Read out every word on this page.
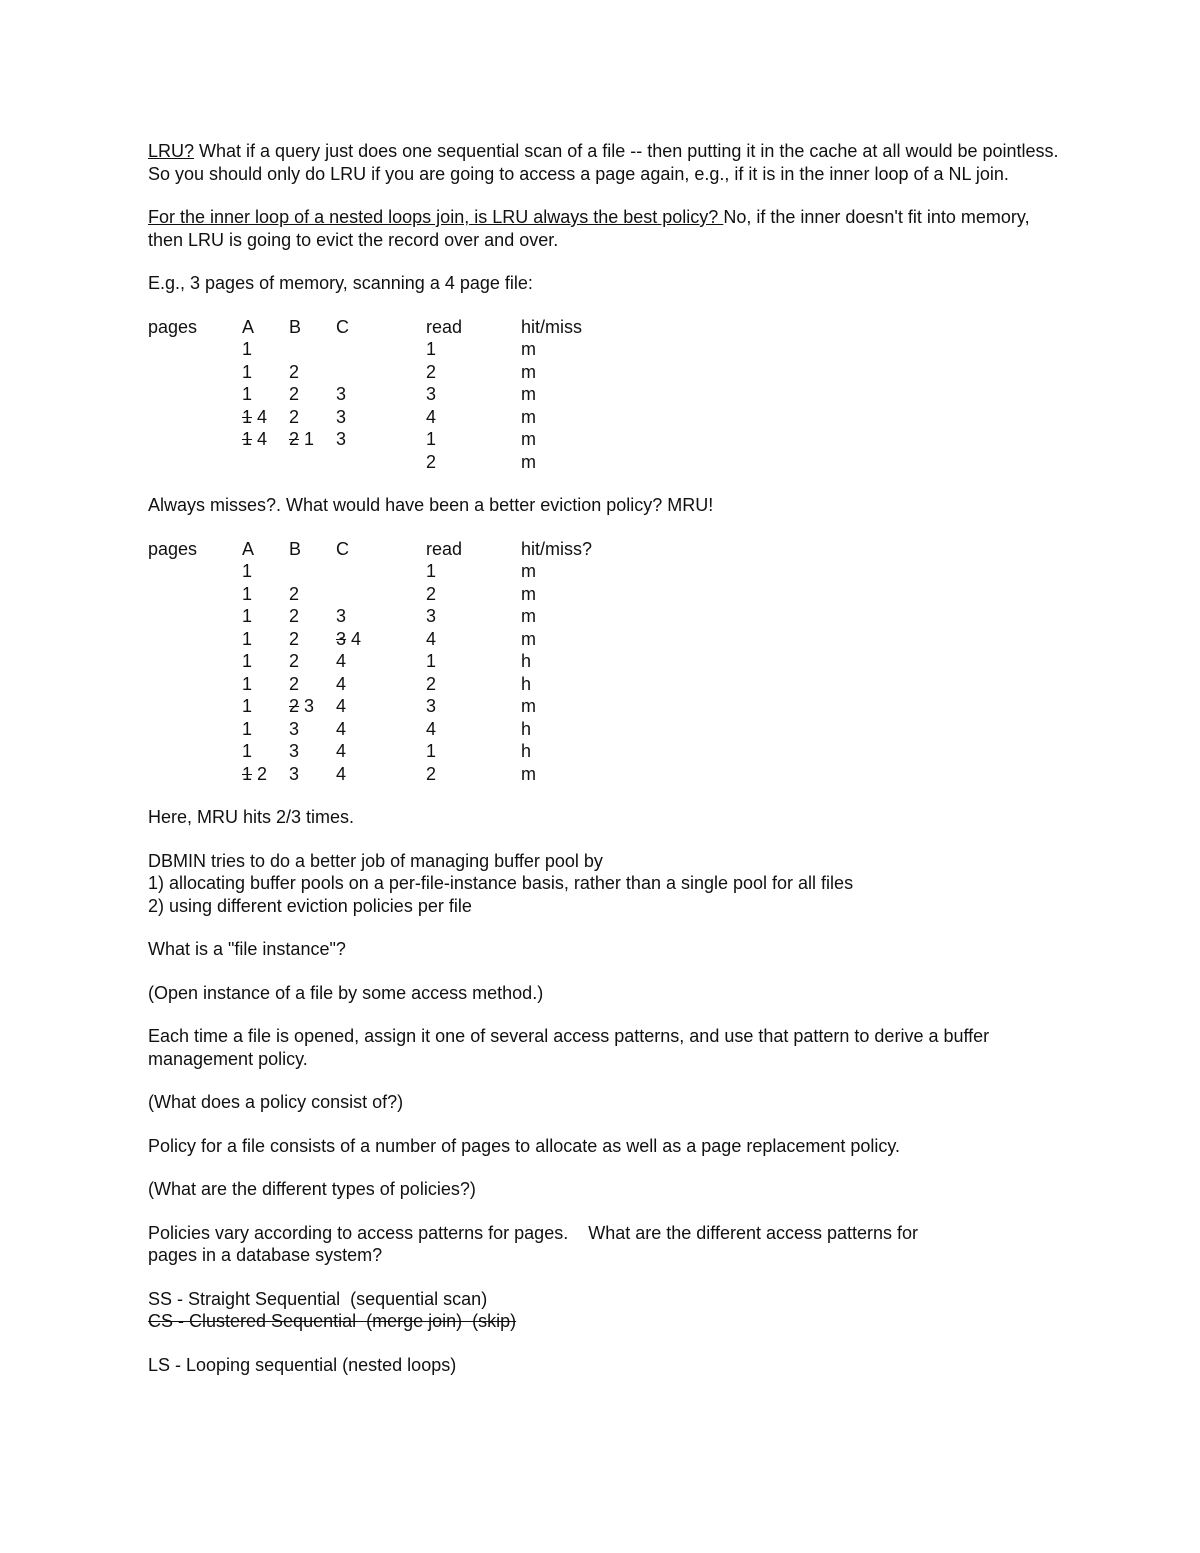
LRU? What if a query just does one sequential scan of a file -- then putting it in the cache at all would be pointless. So you should only do LRU if you are going to access a page again, e.g., if it is in the inner loop of a NL join.

For the inner loop of a nested loops join, is LRU always the best policy? No, if the inner doesn't fit into memory, then LRU is going to evict the record over and over.

E.g., 3 pages of memory, scanning a 4 page file:

pages	A	B	C	read	hit/miss
	1			1	m
	1	2		2	m
	1	2	3	3	m
	1 4	2	3	4	m
	1 4	2 1	3	1	m
				2	m

Always misses?. What would have been a better eviction policy? MRU!

pages	A	B	C	read	hit/miss?
	1			1	m
	1	2		2	m
	1	2	3	3	m
	1	2	3 4	4	m
	1	2	4	1	h
	1	2	4	2	h
	1	2 3	4	3	m
	1	3	4	4	h
	1	3	4	1	h
	1 2	3	4	2	m

Here, MRU hits 2/3 times.

DBMIN tries to do a better job of managing buffer pool by

1) allocating buffer pools on a per-file-instance basis, rather than a single pool for all files

2) using different eviction policies per file

What is a "file instance"?

(Open instance of a file by some access method.)

Each time a file is opened, assign it one of several access patterns, and use that pattern to derive a buffer management policy.

(What does a policy consist of?)

Policy for a file consists of a number of pages to allocate as well as a page replacement policy.

(What are the different types of policies?)

Policies vary according to access patterns for pages.    What are the different access patterns for

pages in a database system?

SS - Straight Sequential  (sequential scan)

CS - Clustered Sequential  (merge join)  (skip)

LS - Looping sequential (nested loops)
